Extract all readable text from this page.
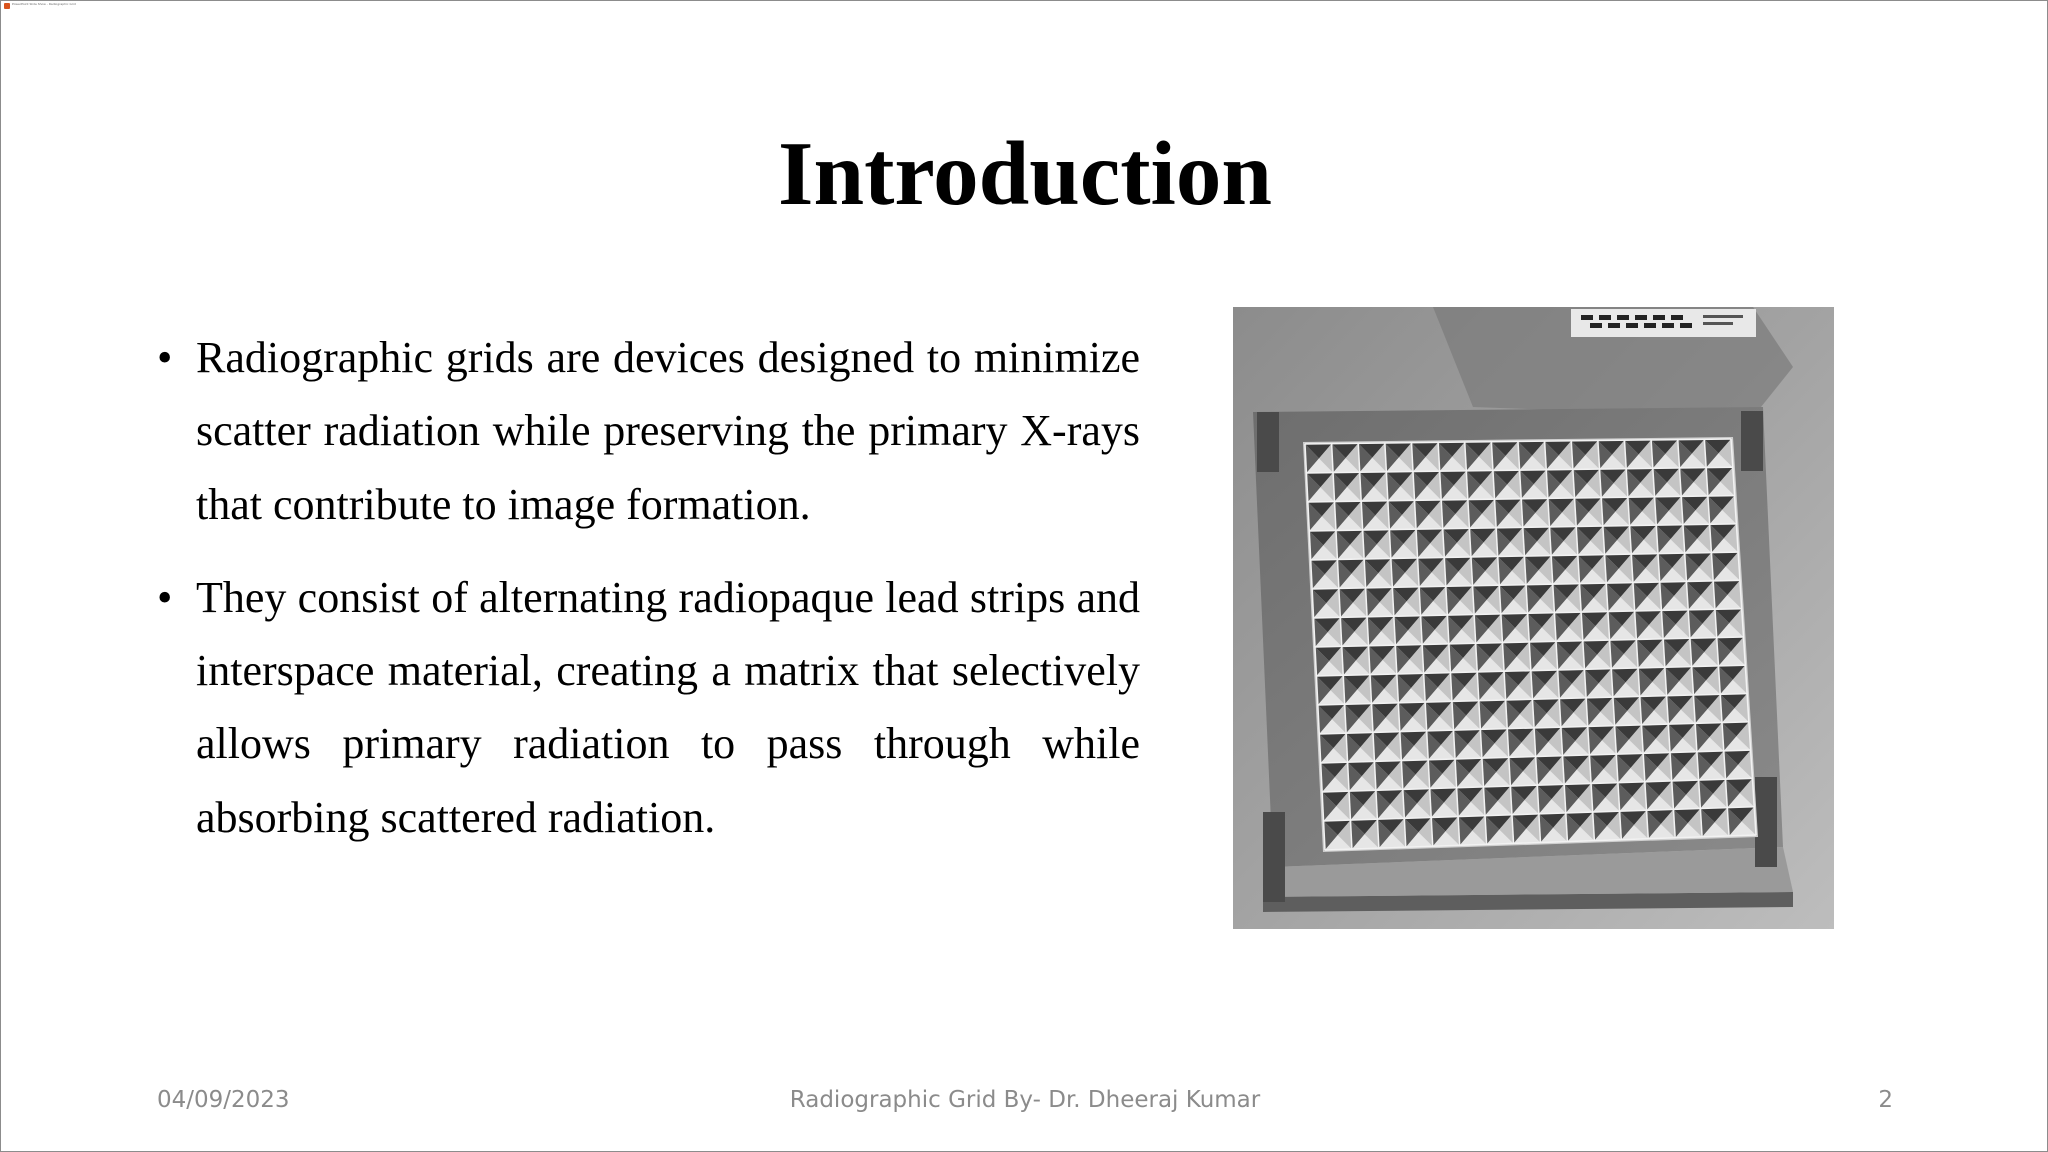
PowerPoint Slide Show - Radiographic Grid
Introduction
• Radiographic grids are devices designed to minimize scatter radiation while preserving the primary X-rays that contribute to image formation.
• They consist of alternating radiopaque lead strips and interspace material, creating a matrix that selectively allows primary radiation to pass through while absorbing scattered radiation.
04/09/2023	Radiographic Grid By- Dr. Dheeraj Kumar	2
